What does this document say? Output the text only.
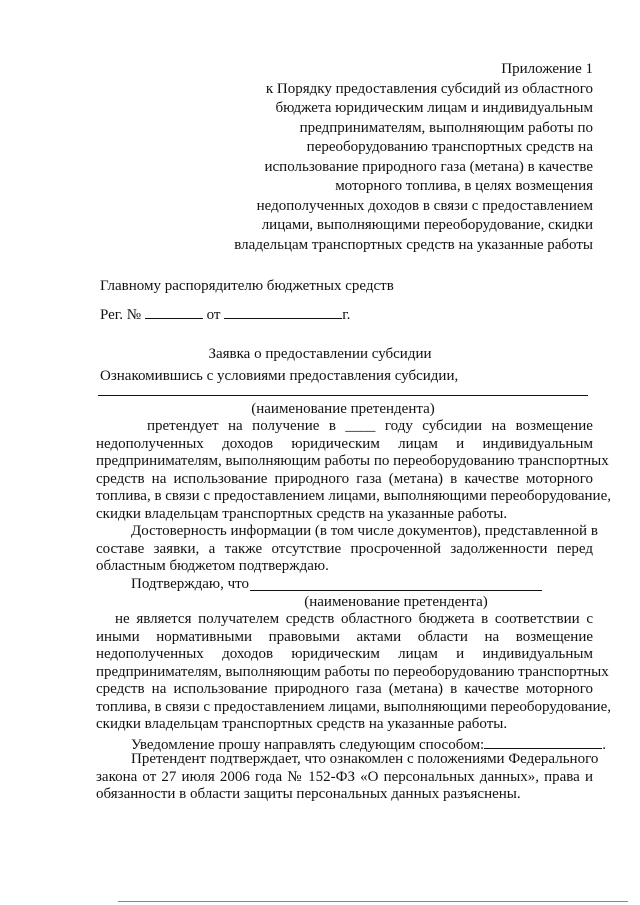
Приложение 1
к Порядку предоставления субсидий из областного
бюджета юридическим лицам и индивидуальным
предпринимателям, выполняющим работы по
переоборудованию транспортных средств на
использование природного газа (метана) в качестве
моторного топлива, в целях возмещения
недополученных доходов в связи с предоставлением
лицами, выполняющими переоборудование, скидки
владельцам транспортных средств на указанные работы
Главному распорядителю бюджетных средств
Рег. №	от	г.
Заявка о предоставлении субсидии
Ознакомившись с условиями предоставления субсидии,
(наименование претендента)
претендует на получение в ____ году субсидии на возмещение
недополученных доходов юридическим лицам и индивидуальным
предпринимателям, выполняющим работы по переоборудованию транспортных
средств на использование природного газа (метана) в качестве моторного
топлива, в связи с предоставлением лицами, выполняющими переоборудование,
скидки владельцам транспортных средств на указанные работы.
Достоверность информации (в том числе документов), представленной в
составе заявки, а также отсутствие просроченной задолженности перед
областным бюджетом подтверждаю.
Подтверждаю, что
(наименование претендента)
не является получателем средств областного бюджета в соответствии с
иными нормативными правовыми актами области на возмещение
недополученных доходов юридическим лицам и индивидуальным
предпринимателям, выполняющим работы по переоборудованию транспортных
средств на использование природного газа (метана) в качестве моторного
топлива, в связи с предоставлением лицами, выполняющими переоборудование,
скидки владельцам транспортных средств на указанные работы.
Уведомление прошу направлять следующим способом:	.
Претендент подтверждает, что ознакомлен с положениями Федерального
закона от 27 июля 2006 года № 152-ФЗ «О персональных данных», права и
обязанности в области защиты персональных данных разъяснены.
